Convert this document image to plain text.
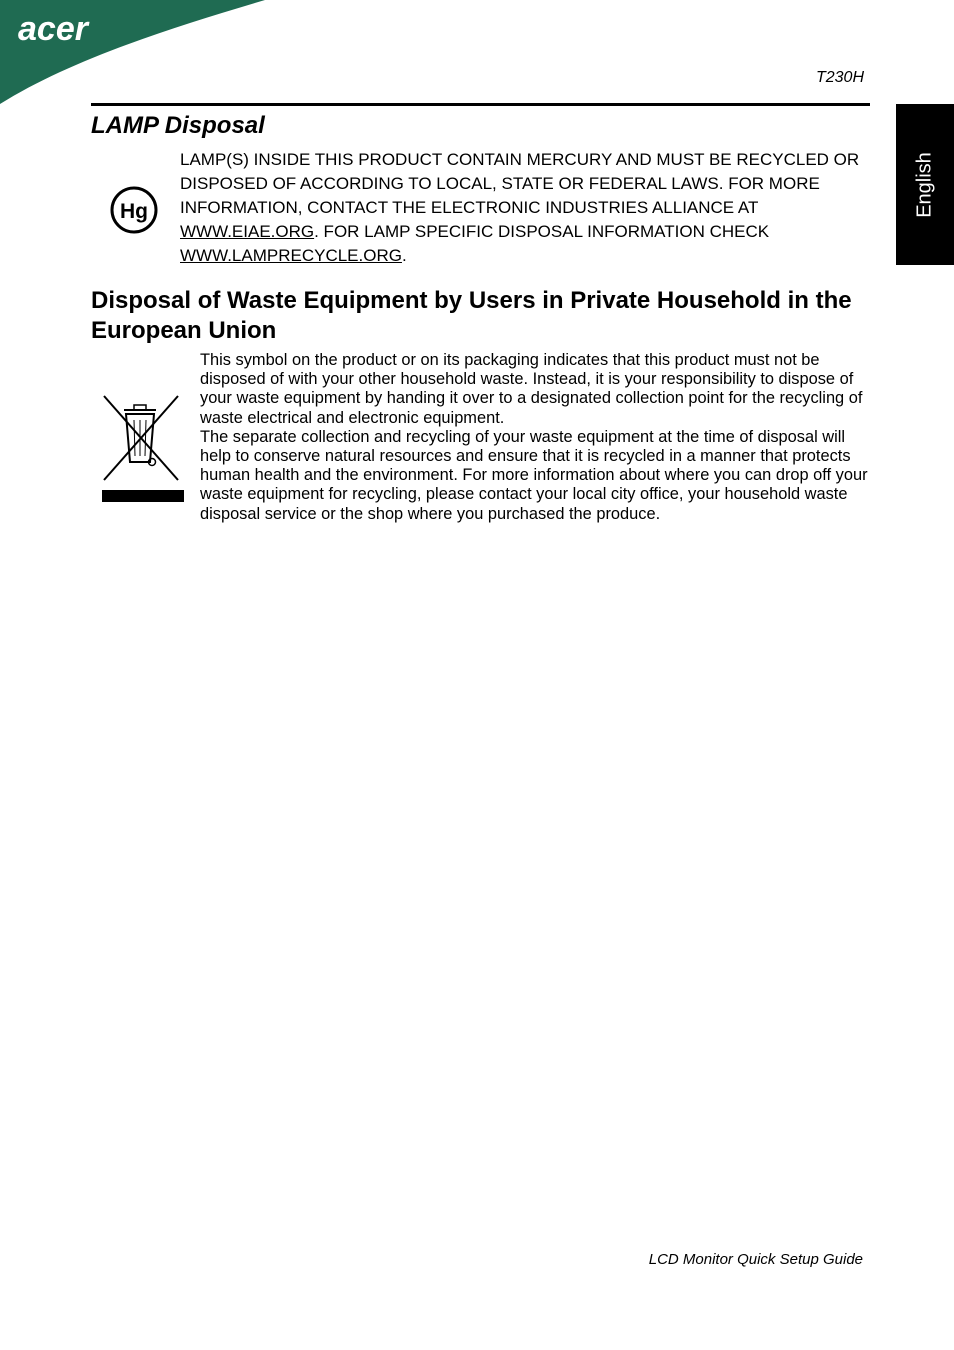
acer
T230H
English
LAMP Disposal
Hg

LAMP(S) INSIDE THIS PRODUCT CONTAIN MERCURY AND MUST BE RECYCLED OR DISPOSED OF ACCORDING TO LOCAL, STATE OR FEDERAL LAWS. FOR MORE INFORMATION, CONTACT THE ELECTRONIC INDUSTRIES ALLIANCE AT WWW.EIAE.ORG. FOR LAMP SPECIFIC DISPOSAL INFORMATION CHECK WWW.LAMPRECYCLE.ORG.

Disposal of Waste Equipment by Users in Private Household in the European Union
This symbol on the product or on its packaging indicates that this product must not be disposed of with your other household waste. Instead, it is your responsibility to dispose of your waste equipment by handing it over to a designated collection point for the recycling of waste electrical and electronic equipment.
The separate collection and recycling of your waste equipment at the time of disposal will help to conserve natural resources and ensure that it is recycled in a manner that protects human health and the environment. For more information about where you can drop off your waste equipment for recycling, please contact your local city office, your household waste disposal service or the shop where you purchased the produce.
LCD Monitor Quick Setup Guide
